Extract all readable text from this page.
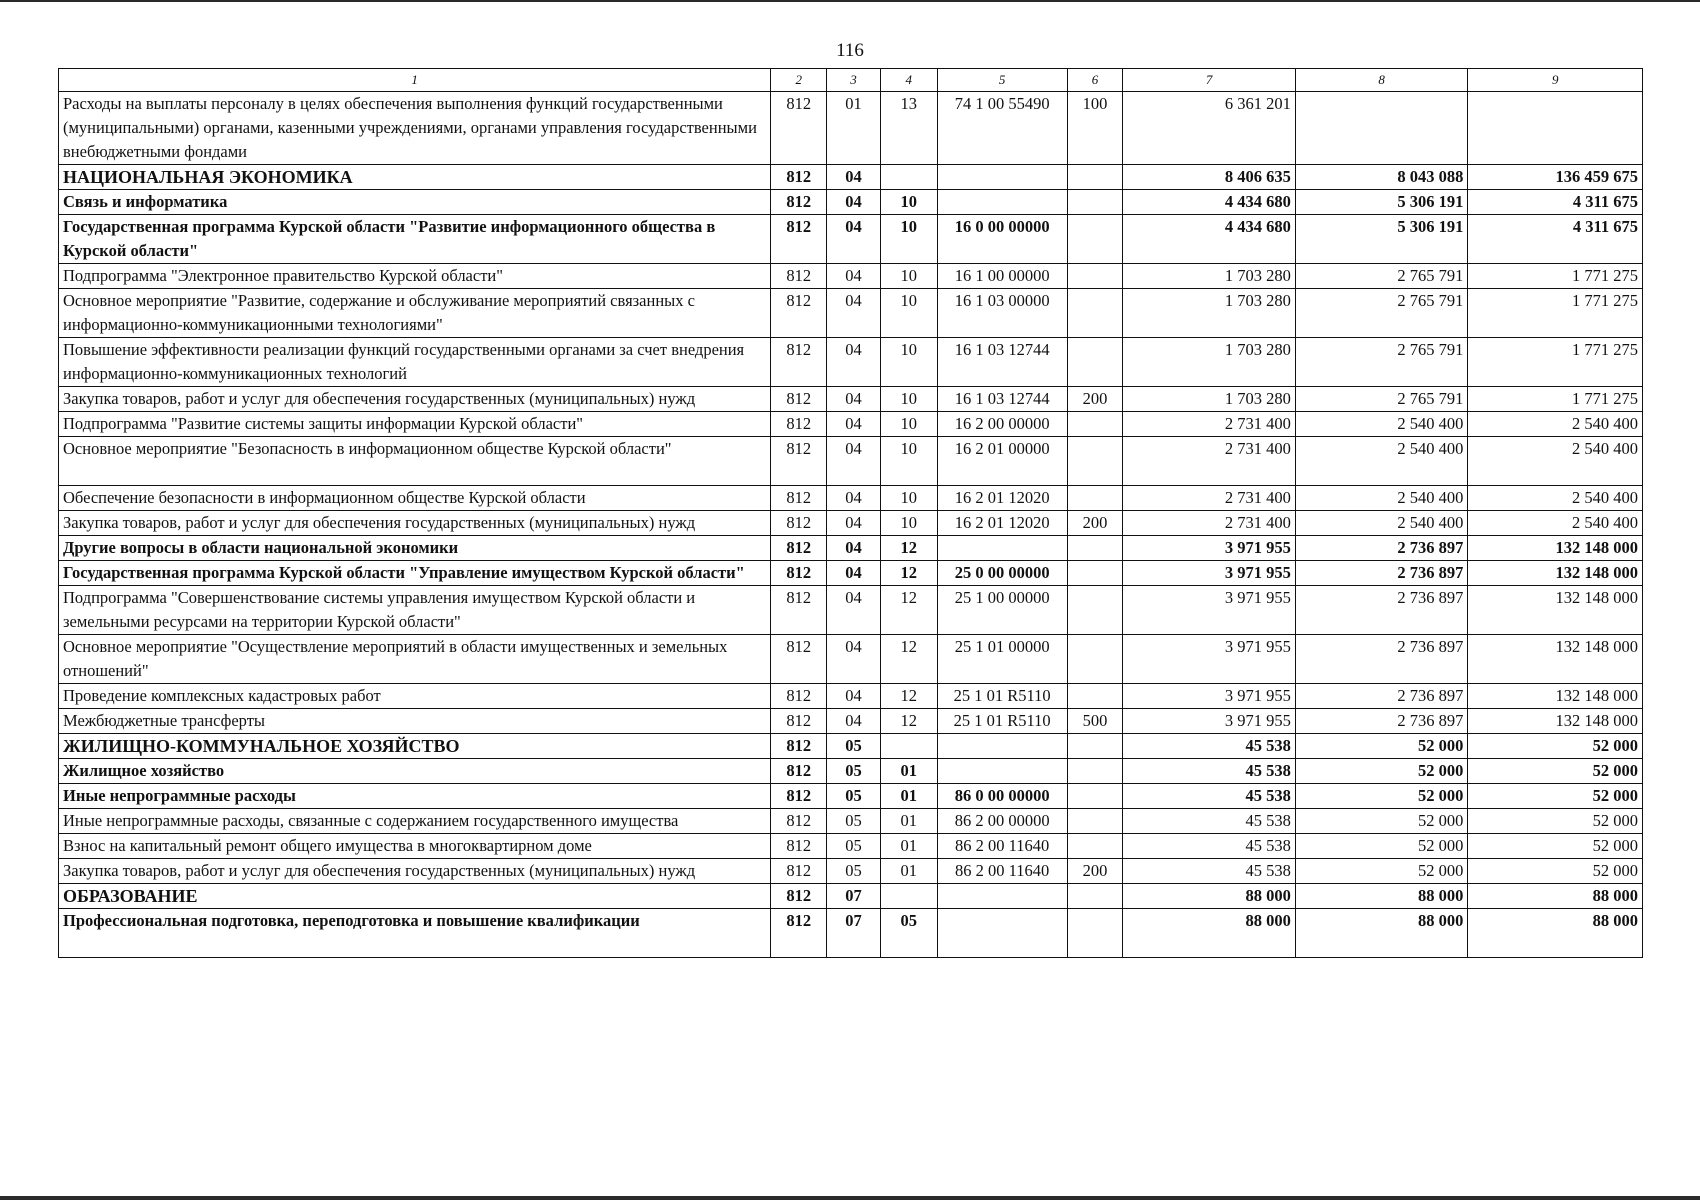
116
1	2	3	4	5	6	7	8	9
Расходы на выплаты персоналу в целях обеспечения выполнения функций государственными (муниципальными) органами, казенными учреждениями, органами управления государственными внебюджетными фондами	812	01	13	74 1 00 55490	100	6 361 201		
НАЦИОНАЛЬНАЯ ЭКОНОМИКА	812	04				8 406 635	8 043 088	136 459 675
Связь и информатика	812	04	10			4 434 680	5 306 191	4 311 675
Государственная программа Курской области "Развитие информационного общества в Курской области"	812	04	10	16 0 00 00000		4 434 680	5 306 191	4 311 675
Подпрограмма "Электронное правительство Курской области"	812	04	10	16 1 00 00000		1 703 280	2 765 791	1 771 275
Основное мероприятие "Развитие, содержание и обслуживание мероприятий связанных с информационно-коммуникационными технологиями"	812	04	10	16 1 03 00000		1 703 280	2 765 791	1 771 275
Повышение эффективности реализации функций государственными органами за счет внедрения информационно-коммуникационных технологий	812	04	10	16 1 03 12744		1 703 280	2 765 791	1 771 275
Закупка товаров, работ и услуг для обеспечения государственных (муниципальных) нужд	812	04	10	16 1 03 12744	200	1 703 280	2 765 791	1 771 275
Подпрограмма "Развитие системы защиты информации Курской области"	812	04	10	16 2 00 00000		2 731 400	2 540 400	2 540 400
Основное мероприятие "Безопасность в информационном обществе Курской области"	812	04	10	16 2 01 00000		2 731 400	2 540 400	2 540 400
Обеспечение безопасности в информационном обществе Курской области	812	04	10	16 2 01 12020		2 731 400	2 540 400	2 540 400
Закупка товаров, работ и услуг для обеспечения государственных (муниципальных) нужд	812	04	10	16 2 01 12020	200	2 731 400	2 540 400	2 540 400
Другие вопросы в области национальной экономики	812	04	12			3 971 955	2 736 897	132 148 000
Государственная программа Курской области "Управление имуществом Курской области"	812	04	12	25 0 00 00000		3 971 955	2 736 897	132 148 000
Подпрограмма "Совершенствование системы управления имуществом Курской области и земельными ресурсами на территории Курской области"	812	04	12	25 1 00 00000		3 971 955	2 736 897	132 148 000
Основное мероприятие "Осуществление мероприятий в области имущественных и земельных отношений"	812	04	12	25 1 01 00000		3 971 955	2 736 897	132 148 000
Проведение комплексных кадастровых работ	812	04	12	25 1 01 R5110		3 971 955	2 736 897	132 148 000
Межбюджетные трансферты	812	04	12	25 1 01 R5110	500	3 971 955	2 736 897	132 148 000
ЖИЛИЩНО-КОММУНАЛЬНОЕ ХОЗЯЙСТВО	812	05				45 538	52 000	52 000
Жилищное хозяйство	812	05	01			45 538	52 000	52 000
Иные непрограммные расходы	812	05	01	86 0 00 00000		45 538	52 000	52 000
Иные непрограммные расходы, связанные с содержанием государственного имущества	812	05	01	86 2 00 00000		45 538	52 000	52 000
Взнос на капитальный ремонт общего имущества в многоквартирном доме	812	05	01	86 2 00 11640		45 538	52 000	52 000
Закупка товаров, работ и услуг для обеспечения государственных (муниципальных) нужд	812	05	01	86 2 00 11640	200	45 538	52 000	52 000
ОБРАЗОВАНИЕ	812	07				88 000	88 000	88 000
Профессиональная подготовка, переподготовка и повышение квалификации	812	07	05			88 000	88 000	88 000
